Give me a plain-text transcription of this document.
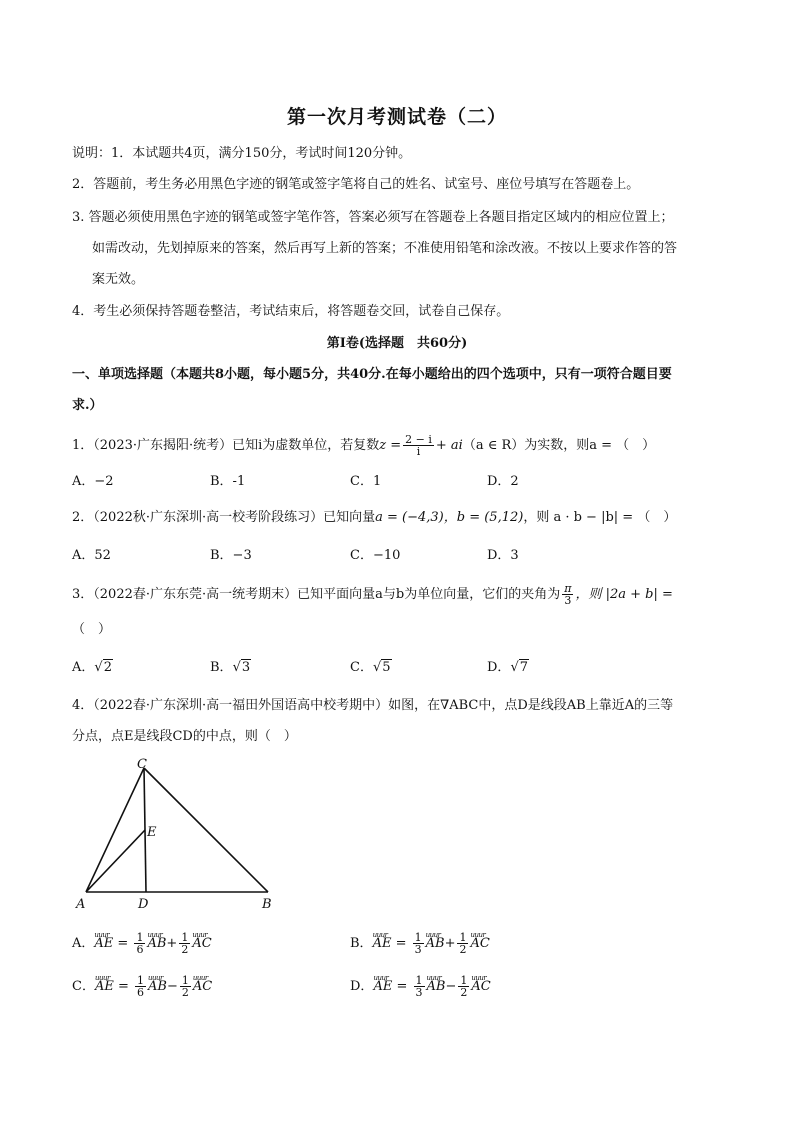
第一次月考测试卷（二）
说明：1．本试题共4页，满分150分，考试时间120分钟。
2．答题前，考生务必用黑色字迹的钢笔或签字笔将自己的姓名、试室号、座位号填写在答题卷上。
3. 答题必须使用黑色字迹的钢笔或签字笔作答，答案必须写在答题卷上各题目指定区域内的相应位置上；
如需改动，先划掉原来的答案，然后再写上新的答案；不准使用铅笔和涂改液。不按以上要求作答的答
案无效。
4．考生必须保持答题卷整洁，考试结束后，将答题卷交回，试卷自己保存。
第I卷(选择题　共60分)
一、单项选择题（本题共8小题，每小题5分，共40分.在每小题给出的四个选项中，只有一项符合题目要
求.）
1．（2023·广东揭阳·统考）已知i为虚数单位，若复数$z = \frac{2 - i}{i} + ai(a$ ∈ R）为实数，则a = （　）
A．−2	B．-1	C．1	D．2
2．（2022秋·广东深圳·高一校考阶段练习）已知向量a = (−4,3)，b = (5,12)，则 a · b − |b| = （　）
A．52	B．−3	C．−10	D．3
3．（2022春·广东东莞·高一统考期末）已知平面向量a与b为单位向量，它们的夹角为 $\frac{\pi}{3}$ ，则 |2a + b| =
（　）
A．√2	B．√3	C．√5	D．√7
4．（2022春·广东深圳·高一福田外国语高中校考期中）如图，在∇ABC中，点D是线段AB上靠近A的三等
分点，点E是线段CD的中点，则（　）
C
E
A	D	B
A．uuur AE = $\frac{1}{6}$ uuur $AB+ \frac{1}{2}$ uuur AC	B．uuur AE = $\frac{1}{3}$ uuur $AB+ \frac{1}{2}$ uuur AC
C．uuur AE = $\frac{1}{6}$ uuur $AB- \frac{1}{2}$ uuur AC	D．uuur AE = $\frac{1}{3}$ uuur $AB- \frac{1}{2}$ uuur AC
